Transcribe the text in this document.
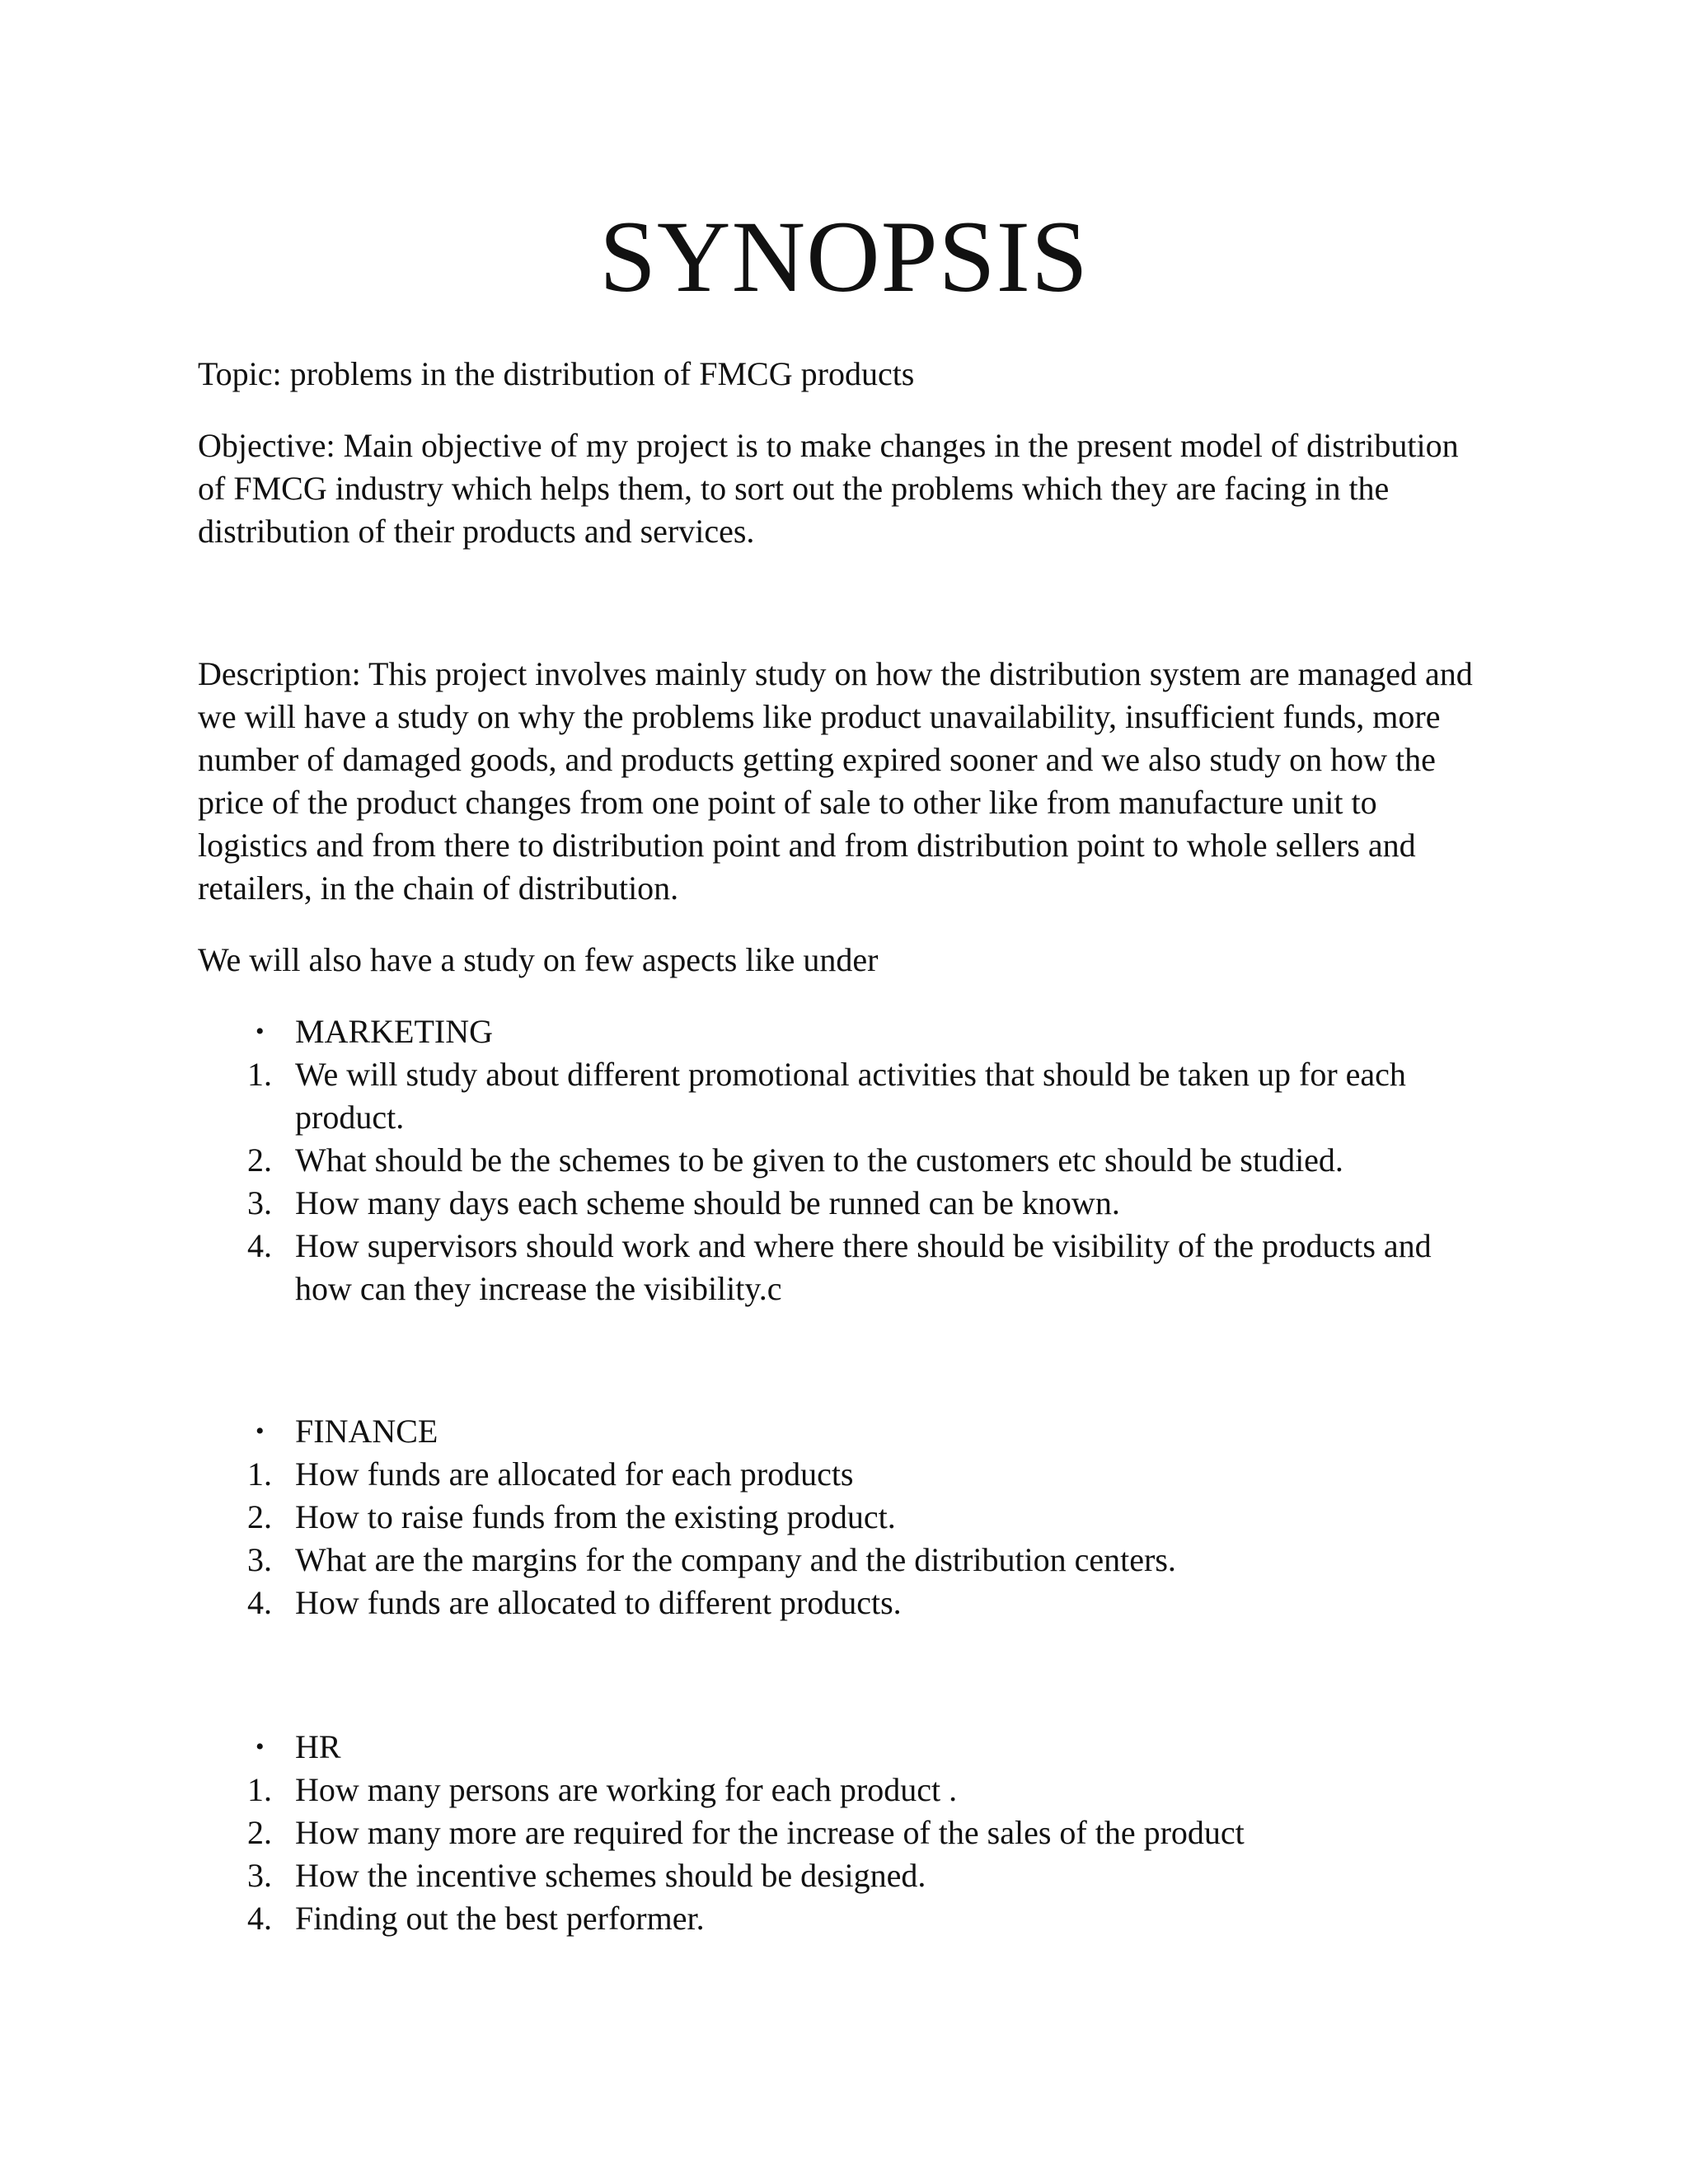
SYNOPSIS
Topic: problems in the distribution of FMCG products
Objective: Main objective of my project is to make changes in the present model of distribution
of FMCG industry which helps them, to sort out the problems which they are facing in the
distribution of their products and services.
Description: This project involves mainly study on how the distribution system are managed and
we will have a study on why the problems like product unavailability, insufficient funds, more
number of damaged goods, and products getting expired sooner and we also study on how the
price of the product changes from one point of sale to other like from manufacture unit to
logistics and from there to distribution point and from distribution point to whole sellers and
retailers, in the chain of distribution.
We will also have a study on few aspects like under
• MARKETING
1. We will study about different promotional activities that should be taken up for each
product.
2. What should be the schemes to be given to the customers etc should be studied.
3. How many days each scheme should be runned can be known.
4. How supervisors should work and where there should be visibility of the products and
how can they increase the visibility.c
• FINANCE
1. How funds are allocated for each products
2. How to raise funds from the existing product.
3. What are the margins for the company and the distribution centers.
4. How funds are allocated to different products.
• HR
1. How many persons are working for each product .
2. How many more are required for the increase of the sales of the product
3. How the incentive schemes should be designed.
4. Finding out the best performer.
